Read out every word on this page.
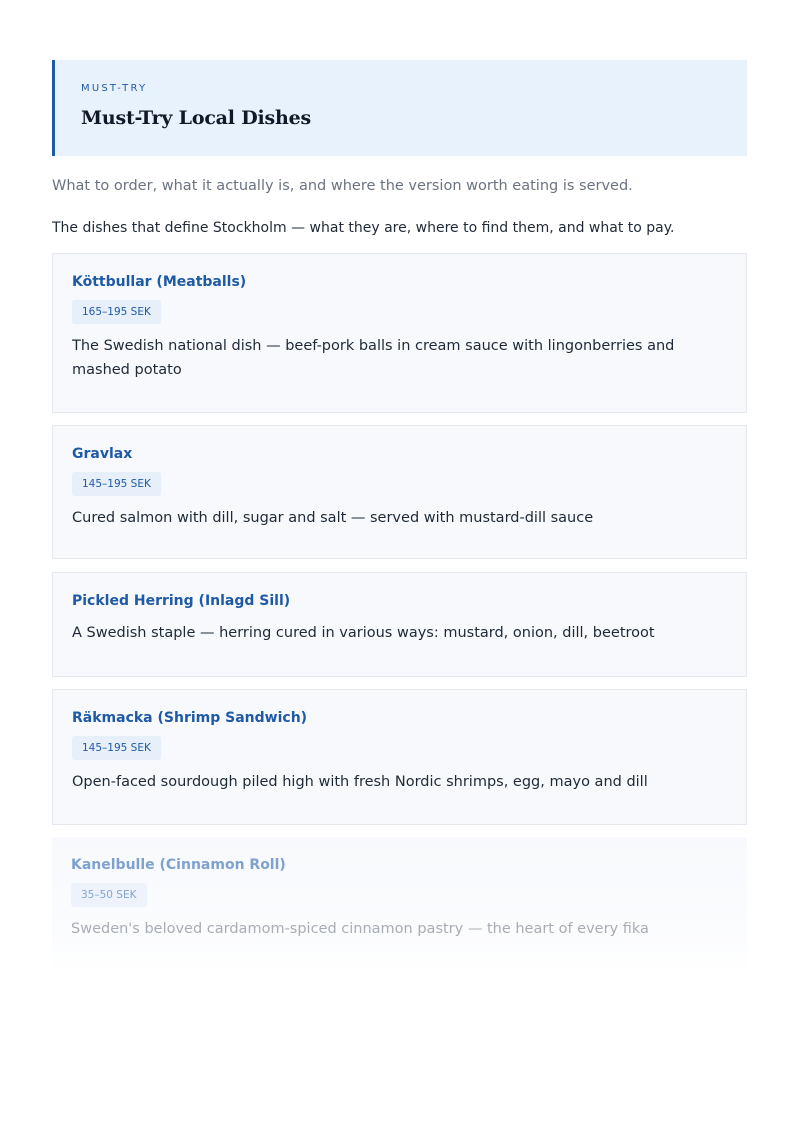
MUST-TRY
Must-Try Local Dishes

What to order, what it actually is, and where the version worth eating is served.

The dishes that define Stockholm — what they are, where to find them, and what to pay.

Köttbullar (Meatballs)
165–195 SEK

The Swedish national dish — beef-pork balls in cream sauce with lingonberries and mashed potato

Gravlax
145–195 SEK

Cured salmon with dill, sugar and salt — served with mustard-dill sauce

Pickled Herring (Inlagd Sill)

A Swedish staple — herring cured in various ways: mustard, onion, dill, beetroot

Räkmacka (Shrimp Sandwich)
145–195 SEK

Open-faced sourdough piled high with fresh Nordic shrimps, egg, mayo and dill

Kanelbulle (Cinnamon Roll)
35–50 SEK

Sweden's beloved cardamom-spiced cinnamon pastry — the heart of every fika
